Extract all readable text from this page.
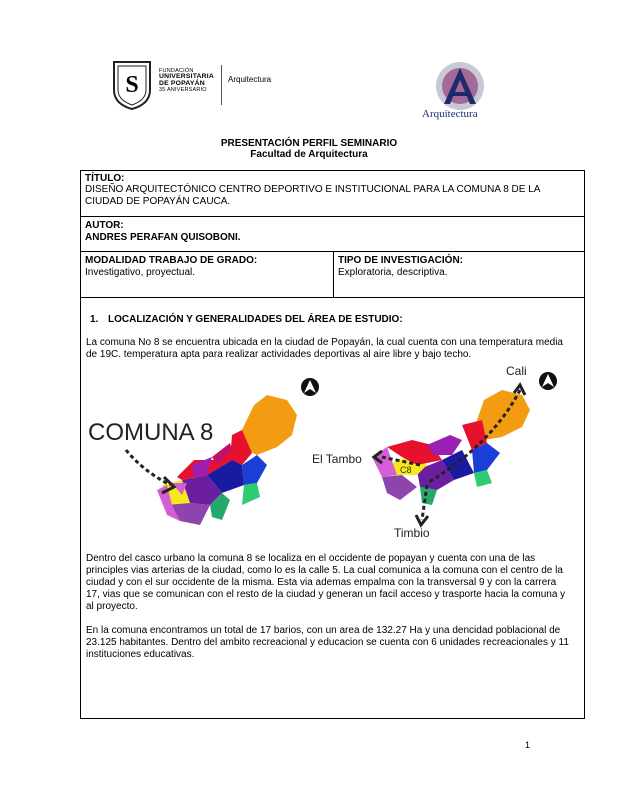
S
FUNDACIÓN
UNIVERSITARIA
DE POPAYÁN
35 ANIVERSARIO
Arquitectura
Arquitectura
PRESENTACIÓN PERFIL SEMINARIO
Facultad de Arquitectura
TÍTULO:
DISEÑO ARQUITECTÓNICO CENTRO DEPORTIVO E INSTITUCIONAL PARA LA COMUNA 8 DE LA
CIUDAD DE POPAYÁN CAUCA.
AUTOR:
ANDRES PERAFAN QUISOBONI.
MODALIDAD TRABAJO DE GRADO:
Investigativo, proyectual.
TIPO DE INVESTIGACIÓN:
Exploratoria, descriptiva.
1. LOCALIZACIÓN Y GENERALIDADES DEL ÁREA DE ESTUDIO:
La comuna No 8 se encuentra ubicada en la ciudad de Popayán, la cual cuenta con una temperatura media
de 19C. temperatura apta para realizar actividades deportivas al aire libre y bajo techo.
COMUNA 8
C8
Cali
El Tambo
Timbio
Dentro del casco urbano la comuna 8 se localiza en el occidente de popayan y cuenta con una de las
principles vias arterias de la ciudad, como lo es la calle 5. La cual comunica a la comuna con el centro de la
ciudad y con el sur occidente de la misma. Esta via ademas empalma con la transversal 9 y con la carrera
17, vias que se comunican con el resto de la ciudad y generan un facil acceso y trasporte hacia la comuna y
al proyecto.
En la comuna encontramos un total de 17 barios, con un area de 132.27 Ha y una dencidad poblacional de
23.125 habitantes. Dentro del ambito recreacional y educacion se cuenta con 6 unidades recreacionales y 11
instituciones educativas.
1
